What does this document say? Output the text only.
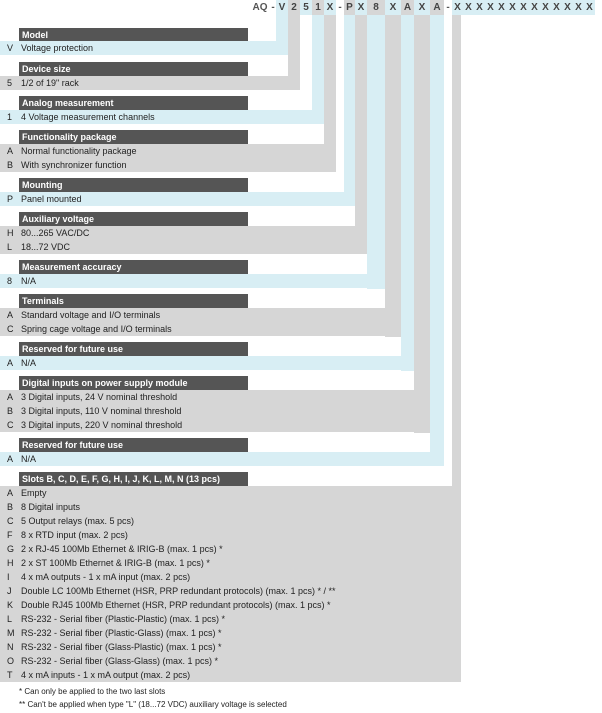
AQ - V 2 5 1 X - P X 8	X A X A - X X X X X X X X X X X X X
Model
V Voltage protection
Device size
5 1/2 of 19" rack
Analog measurement
1 4 Voltage measurement channels
Functionality package
A Normal functionality package
B With synchronizer function
Mounting
P Panel mounted
Auxiliary voltage
H 80...265 VAC/DC
L 18...72 VDC
Measurement accuracy
8 N/A
Terminals
A Standard voltage and I/O terminals
C Spring cage voltage and I/O terminals
Reserved for future use
A N/A
Digital inputs on power supply module
A 3 Digital inputs, 24 V nominal threshold
B 3 Digital inputs, 110 V nominal threshold
C 3 Digital inputs, 220 V nominal threshold
Reserved for future use
A N/A
Slots B, C, D, E, F, G, H, I, J, K, L, M, N (13 pcs)
A Empty
B 8 Digital inputs
C 5 Output relays (max. 5 pcs)
F 8 x RTD input (max. 2 pcs)
G 2 x RJ-45 100Mb Ethernet & IRIG-B (max. 1 pcs) *
H 2 x ST 100Mb Ethernet & IRIG-B (max. 1 pcs) *
I 4 x mA outputs - 1 x mA input (max. 2 pcs)
J Double LC 100Mb Ethernet (HSR, PRP redundant protocols) (max. 1 pcs) * / **
K Double RJ45 100Mb Ethernet (HSR, PRP redundant protocols) (max. 1 pcs) *
L RS-232 - Serial fiber (Plastic-Plastic) (max. 1 pcs) *
M RS-232 - Serial fiber (Plastic-Glass) (max. 1 pcs) *
N RS-232 - Serial fiber (Glass-Plastic) (max. 1 pcs) *
O RS-232 - Serial fiber (Glass-Glass) (max. 1 pcs) *
T 4 x mA inputs - 1 x mA output (max. 2 pcs)
* Can only be applied to the two last slots
** Can't be applied when type "L" (18...72 VDC) auxiliary voltage is selected
